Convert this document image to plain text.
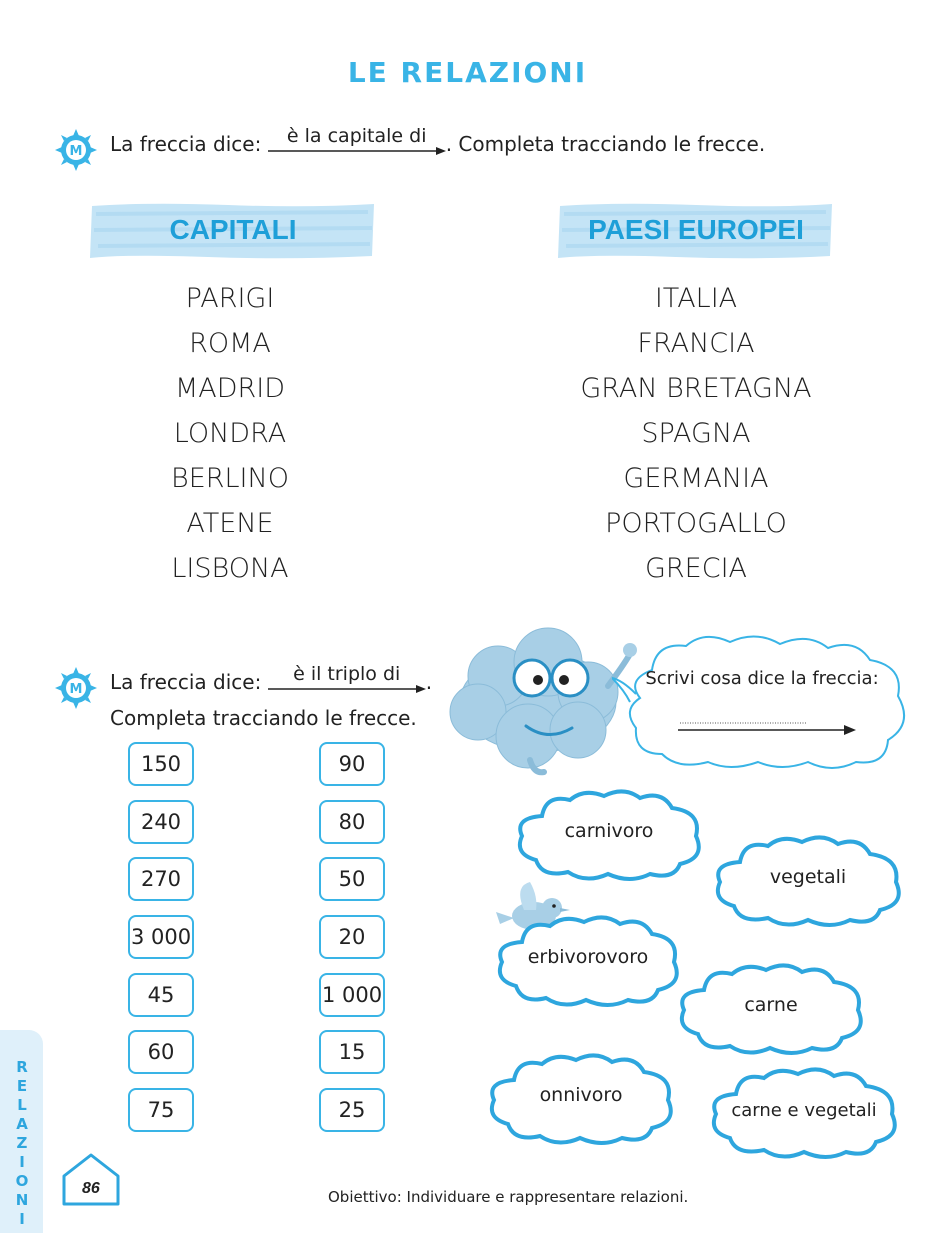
LE RELAZIONI
M La freccia dice:	è la capitale di . Completa tracciando le frecce.
CAPITALI	PAESI EUROPEI
PARIGI
ROMA
MADRID
LONDRA
BERLINO
ATENE
LISBONA
ITALIA
FRANCIA
GRAN BRETAGNA
SPAGNA
GERMANIA
PORTOGALLO
GRECIA
M La freccia dice:	è il triplo di	.
Completa tracciando le frecce.
150
240
270
3 000
45
60
75
90
80
50
20
1 000
15
25
Scrivi cosa dice la freccia:
carnivoro
vegetali
erbivorovoro
carne
onnivoro
carne e vegetali
R
E
L
A
Z
I
O
N
I
86	Obiettivo: Individuare e rappresentare relazioni.
